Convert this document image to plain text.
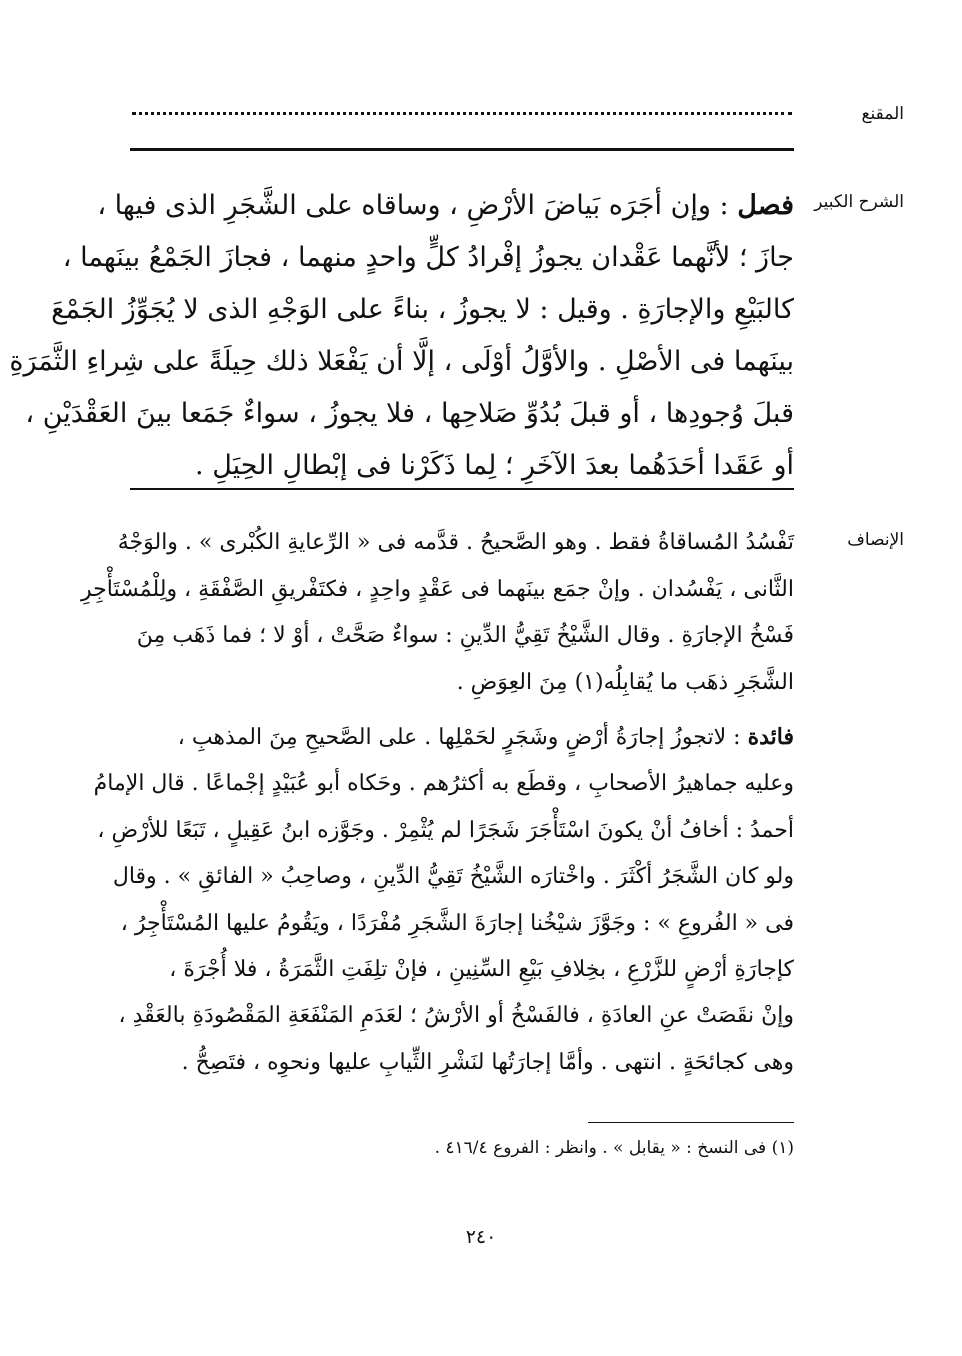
المقنع
الشرح الكبير
الإنصاف
فصل : وإن أجَرَه بَياضَ الأرْضِ ، وساقاه على الشَّجَرِ الذى فيها ،
جازَ ؛ لأنَّهما عَقْدان يجوزُ إفْرادُ كلٍّ واحدٍ منهما ، فجازَ الجَمْعُ بينَهما ،
كالبَيْعِ والإجارَةِ . وقيل : لا يجوزُ ، بناءً على الوَجْهِ الذى لا يُجَوِّزُ الجَمْعَ
بينَهما فى الأصْلِ . والأوَّلُ أوْلَى ، إلَّا أن يَفْعَلا ذلك حِيلَةً على شِراءِ الثَّمَرَةِ
قبلَ وُجودِها ، أو قبلَ بُدُوِّ صَلاحِها ، فلا يجوزُ ، سواءٌ جَمَعا بينَ العَقْدَيْنِ ،
أو عَقَدا أحَدَهُما بعدَ الآخَرِ ؛ لِما ذَكَرْنا فى إبْطالِ الحِيَلِ .
تَفْسُدُ المُساقاةُ فقط . وهو الصَّحيحُ . قدَّمه فى « الرِّعايةِ الكُبْرى » . والوَجْهُ
الثَّانى ، يَفْسُدان . وإنْ جمَع بينَهما فى عَقْدٍ واحِدٍ ، فكتَفْريقِ الصَّفْقَةِ ، ولِلْمُسْتَأْجِرِ
فَسْخُ الإجارَةِ . وقال الشَّيْخُ تَقِيُّ الدِّينِ : سواءٌ صَحَّتْ ، أوْ لا ؛ فما ذَهَب مِنَ
الشَّجَرِ ذهَب ما يُقابِلُه(١) مِنَ العِوَضِ .
فائدة : لاتجوزُ إجارَةُ أرْضٍ وشَجَرٍ لحَمْلِها . على الصَّحيحِ مِنَ المذهبِ ،
وعليه جماهيرُ الأصحابِ ، وقطَع به أكثرُهم . وحَكاه أبو عُبَيْدٍ إجْماعًا . قال الإمامُ
أحمدُ : أخافُ أنْ يكونَ اسْتَأْجَرَ شَجَرًا لم يُثْمِرْ . وجَوَّزه ابنُ عَقِيلٍ ، تَبَعًا للأرْضِ ،
ولو كان الشَّجَرُ أكْثَرَ . واخْتارَه الشَّيْخُ تَقِيُّ الدِّينِ ، وصاحِبُ « الفائقِ » . وقال
فى « الفُروعِ » : وجَوَّزَ شيْخُنا إجارَةَ الشَّجَرِ مُفْرَدًا ، ويَقُومُ عليها المُسْتَأْجِرُ ،
كإجارَةِ أرْضٍ للزَّرْعِ ، بخِلافِ بَيْعِ السِّنِينِ ، فإنْ تلِفَتِ الثَّمَرَةُ ، فلا أُجْرَةَ ،
وإنْ نقَصَتْ عنِ العادَةِ ، فالفَسْخُ أو الأرْشُ ؛ لعَدَمِ المَنْفَعَةِ المَقْصُودَةِ بالعَقْدِ ،
وهى كجائحَةٍ . انتهى . وأمَّا إجارَتُها لنَشْرِ الثِّيابِ عليها ونحوِه ، فتَصِحُّ .
(١) فى النسخ : « يقابل » . وانظر : الفروع ٤١٦/٤ .
٢٤٠
